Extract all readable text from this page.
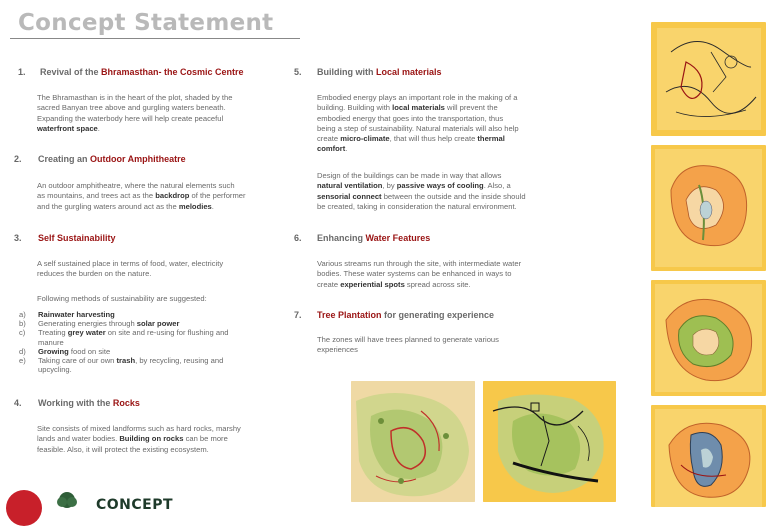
Concept Statement
1. Revival of the Bhramasthan- the Cosmic Centre
The Bhramasthan is in the heart of the plot, shaded by the
sacred Banyan tree above and gurgling waters beneath.
Expanding the waterbody here will help create peaceful
waterfront space.
2. Creating an Outdoor Amphitheatre
An outdoor amphitheatre, where the natural elements such
as mountains, and trees act as the backdrop of the performer
and the gurgling waters around act as the melodies.
3. Self Sustainability
A self sustained place in terms of food, water, electricity
reduces the burden on the nature.
Following methods of sustainability are suggested:
a) Rainwater harvesting
b) Generating energies through solar power
c) Treating grey water on site and re-using for flushing and
manure
d) Growing food on site
e) Taking care of our own trash, by recycling, reusing and
upcycling.
4. Working with the Rocks
Site consists of mixed landforms such as hard rocks, marshy
lands and water bodies. Building on rocks can be more
feasible. Also, it will protect the existing ecosystem.
5. Building with Local materials
Embodied energy plays an important role in the making of a
building. Building with local materials will prevent the
embodied energy that goes into the transportation, thus
being a step of sustainability. Natural materials will also help
create micro-climate, that will thus help create thermal
comfort.
Design of the buildings can be made in way that allows
natural ventilation, by passive ways of cooling. Also, a
sensorial connect between the outside and the inside should
be created, taking in consideration the natural environment.
6. Enhancing Water Features
Various streams run through the site, with intermediate water
bodies. These water systems can be enhanced in ways to
create experiential spots spread across site.
7. Tree Plantation for generating experience
The zones will have trees planned to generate various
experiences
CONCEPT
